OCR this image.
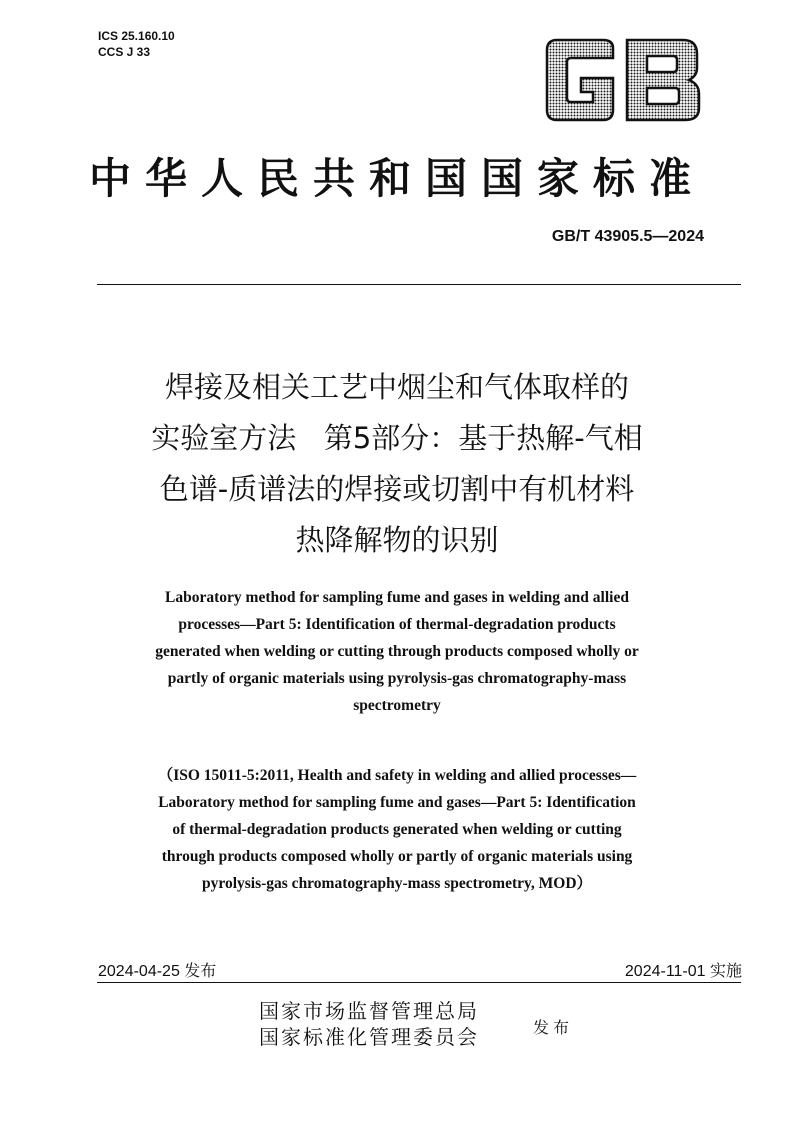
ICS 25.160.10
CCS J 33
中华人民共和国国家标准
GB/T 43905.5—2024
焊接及相关工艺中烟尘和气体取样的
实验室方法   第5部分：基于热解-气相
色谱-质谱法的焊接或切割中有机材料
热降解物的识别
Laboratory method for sampling fume and gases in welding and allied
processes—Part 5: Identification of thermal-degradation products
generated when welding or cutting through products composed wholly or
partly of organic materials using pyrolysis-gas chromatography-mass
spectrometry
（ISO 15011-5:2011, Health and safety in welding and allied processes—
Laboratory method for sampling fume and gases—Part 5: Identification
of thermal-degradation products generated when welding or cutting
through products composed wholly or partly of organic materials using
pyrolysis-gas chromatography-mass spectrometry, MOD）
2024-04-25 发布	2024-11-01 实施
国家市场监督管理总局
国家标准化管理委员会	发布
